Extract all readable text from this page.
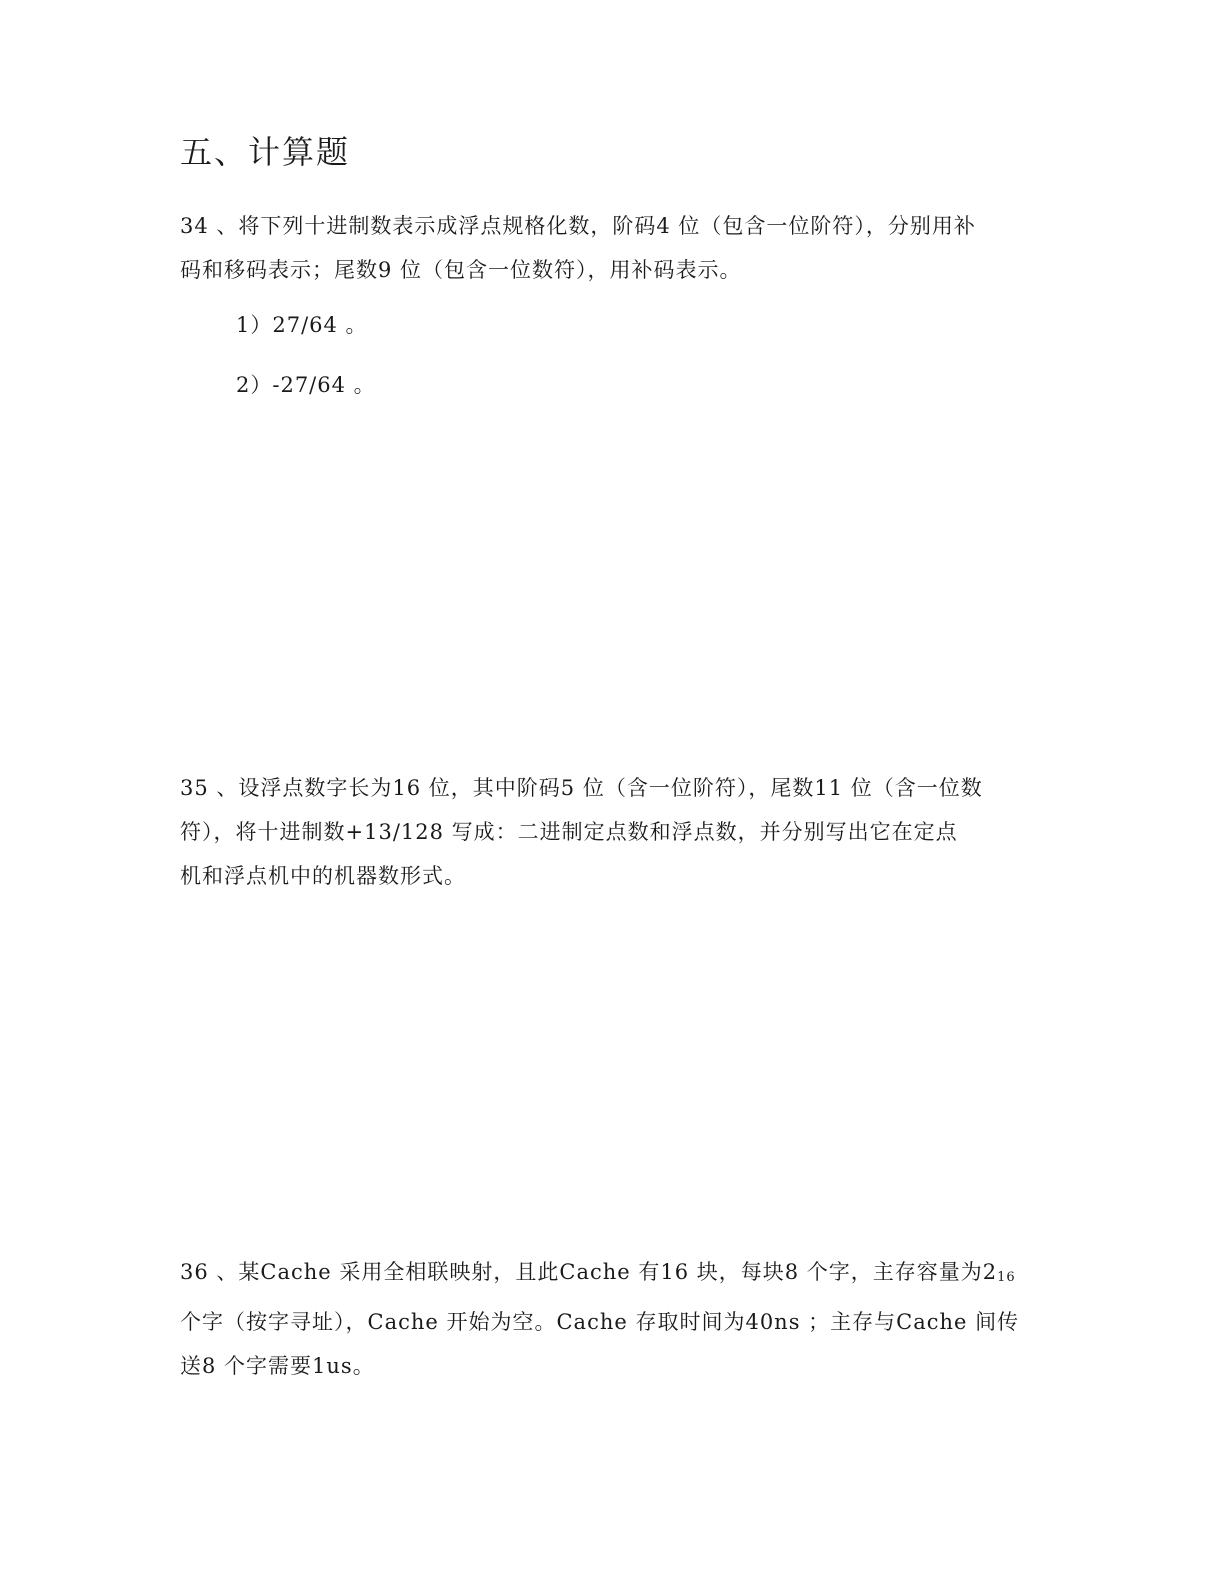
五、计算题
34 、将下列十进制数表示成浮点规格化数，阶码4 位（包含一位阶符），分别用补
码和移码表示；尾数9 位（包含一位数符），用补码表示。
1）27/64 。
2）-27/64 。
35 、设浮点数字长为16 位，其中阶码5 位（含一位阶符），尾数11 位（含一位数
符），将十进制数+13/128 写成：二进制定点数和浮点数，并分别写出它在定点
机和浮点机中的机器数形式。
36 、某Cache 采用全相联映射，且此Cache 有16 块，每块8 个字，主存容量为216
个字（按字寻址），Cache 开始为空。Cache 存取时间为40ns ；主存与Cache 间传
送8 个字需要1us。
